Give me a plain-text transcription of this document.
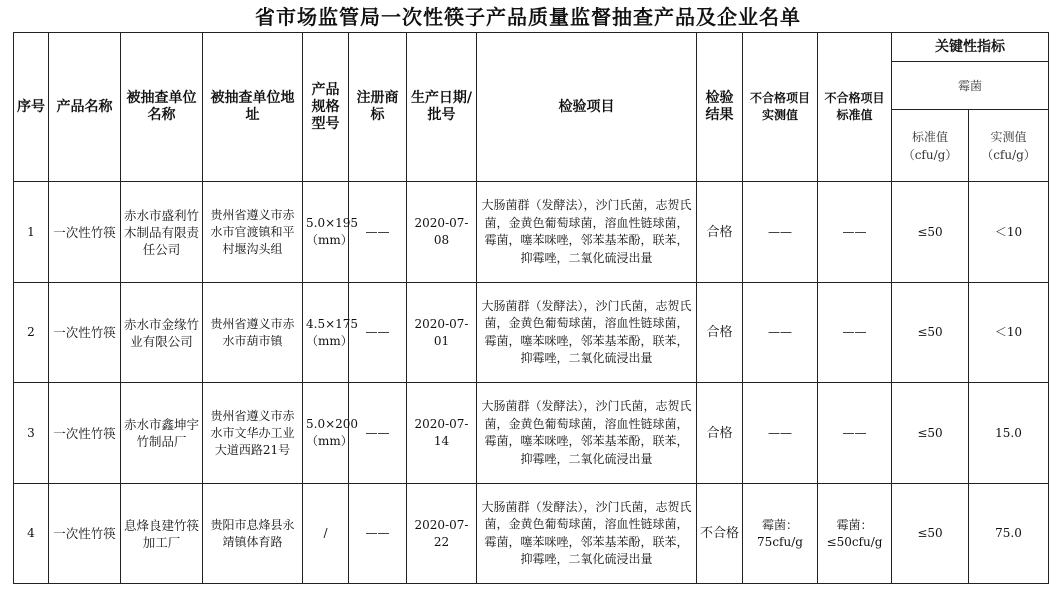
省市场监管局一次性筷子产品质量监督抽查产品及企业名单
序号	产品名称	被抽查单位名称	被抽查单位地址	产品规格型号	注册商标	生产日期/批号	检验项目	检验结果	不合格项目实测值	不合格项目标准值	关键性指标	
											霉菌	
											标准值（cfu/g）	实测值（cfu/g）
1	一次性竹筷	赤水市盛利竹木制品有限责任公司	贵州省遵义市赤水市官渡镇和平村堰沟头组	5.0×195（mm）	——	2020-07-08	大肠菌群（发酵法），沙门氏菌，志贺氏菌，金黄色葡萄球菌，溶血性链球菌，霉菌，噻苯咪唑，邻苯基苯酚，联苯，抑霉唑，二氧化硫浸出量	合格	——	——	≤50	＜10
2	一次性竹筷	赤水市金缘竹业有限公司	贵州省遵义市赤水市葫市镇	4.5×175（mm）	——	2020-07-01	大肠菌群（发酵法），沙门氏菌，志贺氏菌，金黄色葡萄球菌，溶血性链球菌，霉菌，噻苯咪唑，邻苯基苯酚，联苯，抑霉唑，二氧化硫浸出量	合格	——	——	≤50	＜10
3	一次性竹筷	赤水市鑫坤宇竹制品厂	贵州省遵义市赤水市文华办工业大道西路21号	5.0×200（mm）	——	2020-07-14	大肠菌群（发酵法），沙门氏菌，志贺氏菌，金黄色葡萄球菌，溶血性链球菌，霉菌，噻苯咪唑，邻苯基苯酚，联苯，抑霉唑，二氧化硫浸出量	合格	——	——	≤50	15.0
4	一次性竹筷	息烽良建竹筷加工厂	贵阳市息烽县永靖镇体育路	/	——	2020-07-22	大肠菌群（发酵法），沙门氏菌，志贺氏菌，金黄色葡萄球菌，溶血性链球菌，霉菌，噻苯咪唑，邻苯基苯酚，联苯，抑霉唑，二氧化硫浸出量	不合格	霉菌：75cfu/g	霉菌：≤50cfu/g	≤50	75.0
